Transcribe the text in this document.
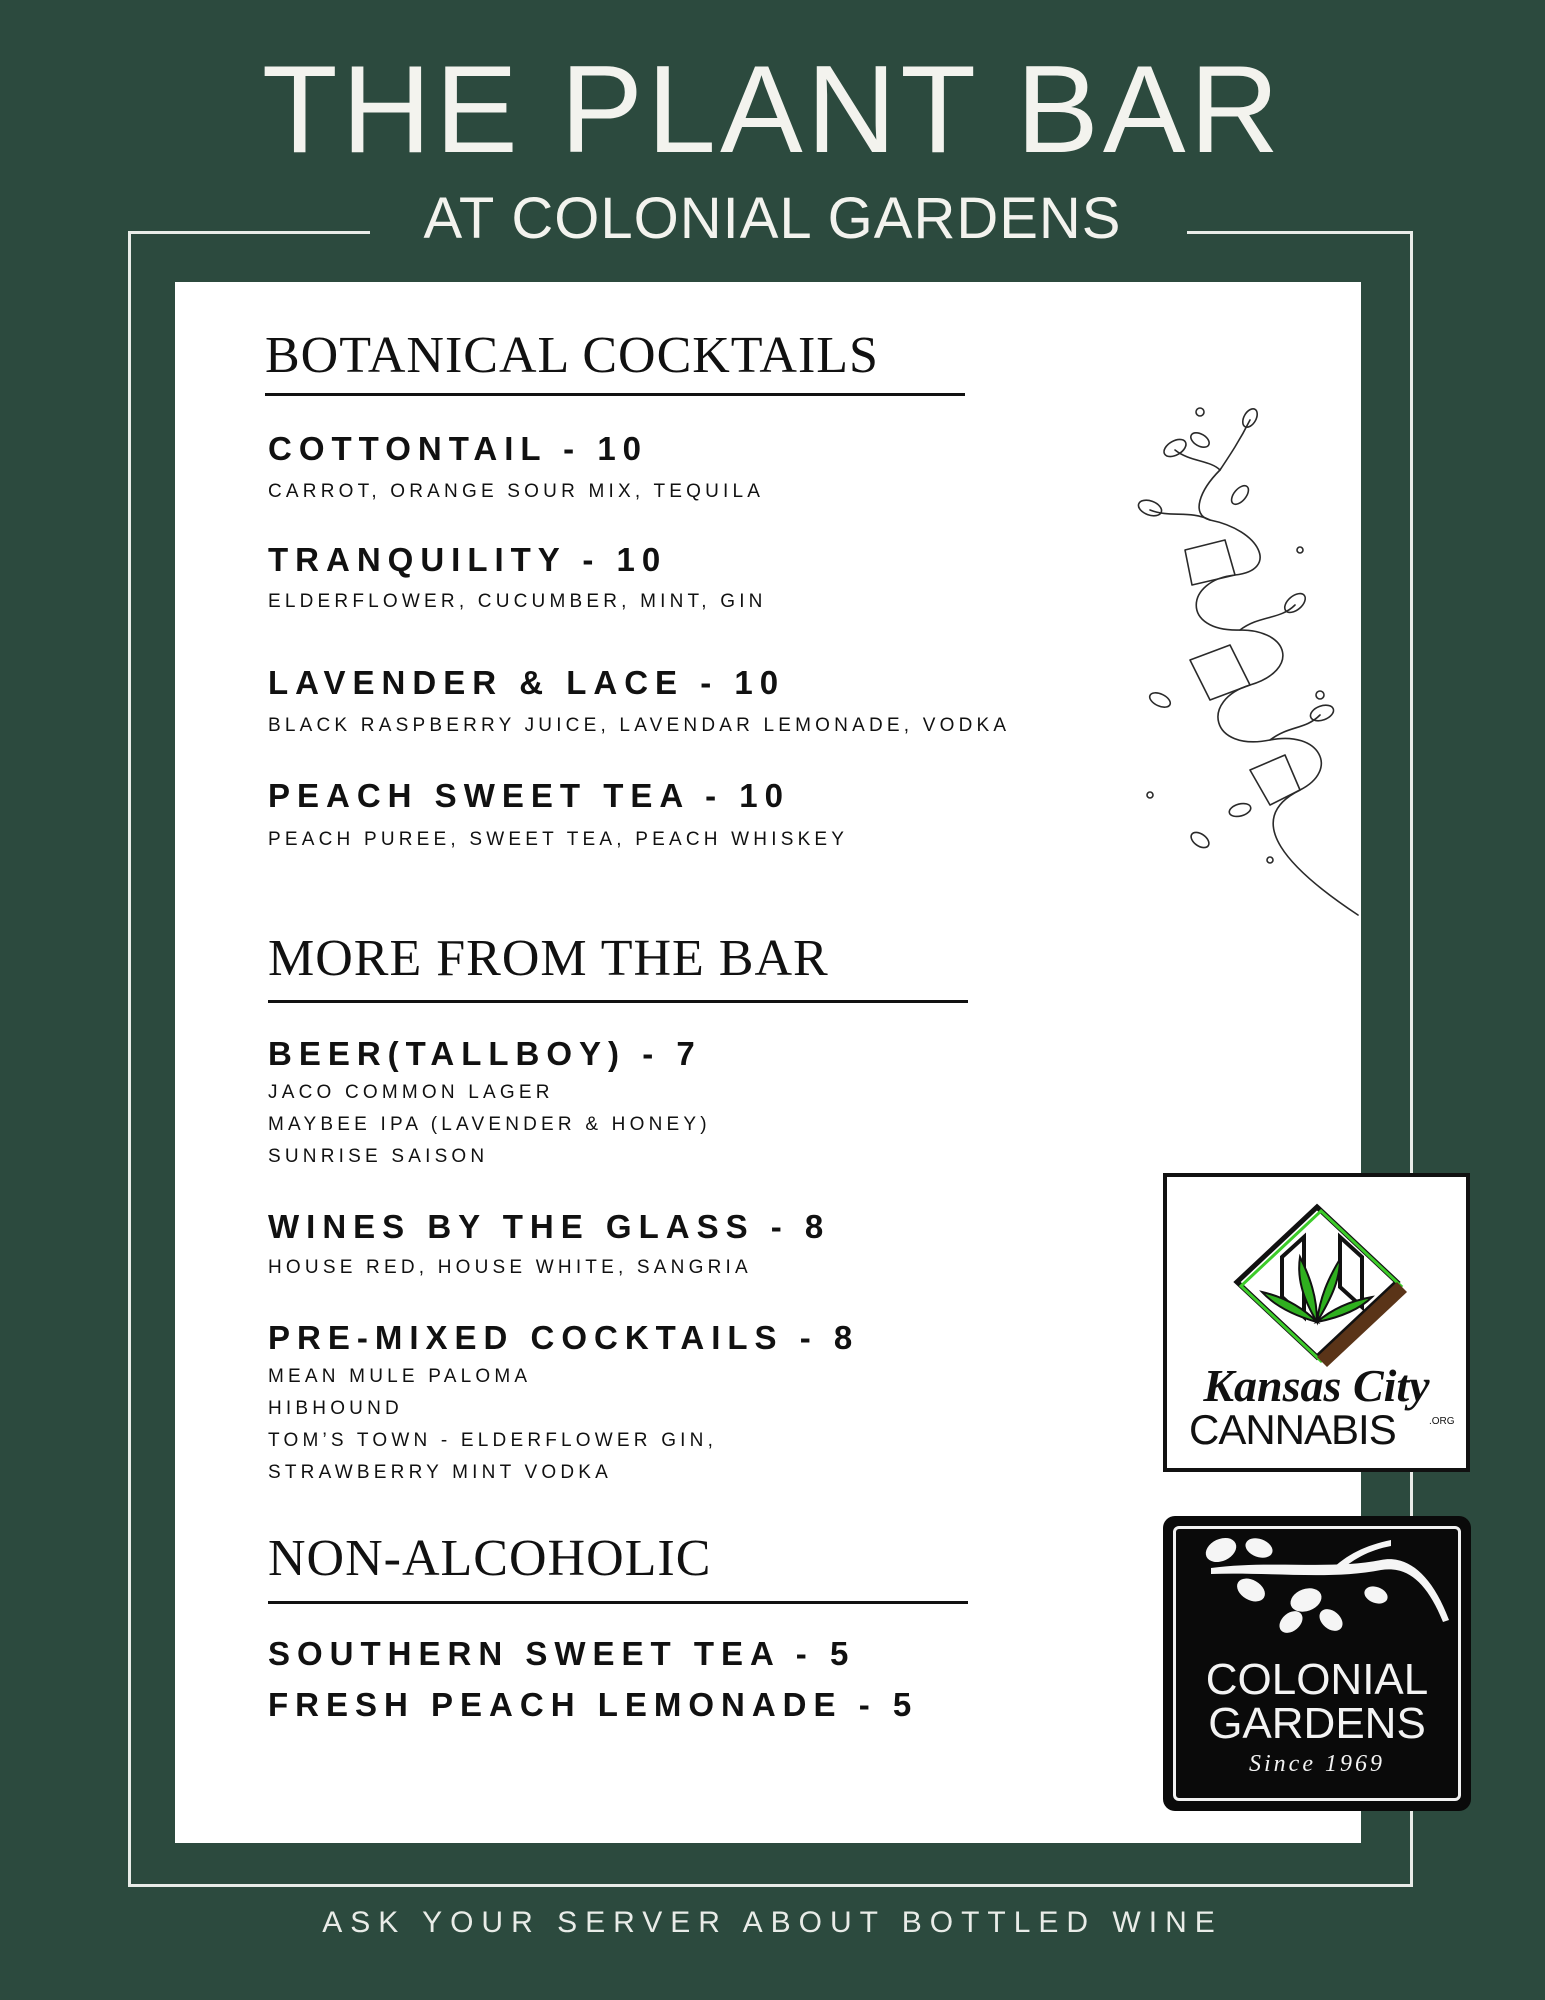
THE PLANT BAR
AT COLONIAL GARDENS
BOTANICAL COCKTAILS
COTTONTAIL - 10
CARROT, ORANGE SOUR MIX, TEQUILA
TRANQUILITY - 10
ELDERFLOWER, CUCUMBER, MINT, GIN
LAVENDER & LACE - 10
BLACK RASPBERRY JUICE, LAVENDAR LEMONADE, VODKA
PEACH SWEET TEA - 10
PEACH PUREE, SWEET TEA, PEACH WHISKEY
MORE FROM THE BAR
BEER(TALLBOY) - 7
JACO COMMON LAGER
MAYBEE IPA (LAVENDER & HONEY)
SUNRISE SAISON
WINES BY THE GLASS - 8
HOUSE RED, HOUSE WHITE, SANGRIA
PRE-MIXED COCKTAILS - 8
MEAN MULE PALOMA
HIBHOUND
TOM’S TOWN - ELDERFLOWER GIN,
STRAWBERRY MINT VODKA
NON-ALCOHOLIC
SOUTHERN SWEET TEA - 5
FRESH PEACH LEMONADE - 5
Kansas City
CANNABIS	.ORG
COLONIAL
GARDENS
Since 1969
ASK YOUR SERVER ABOUT BOTTLED WINE
